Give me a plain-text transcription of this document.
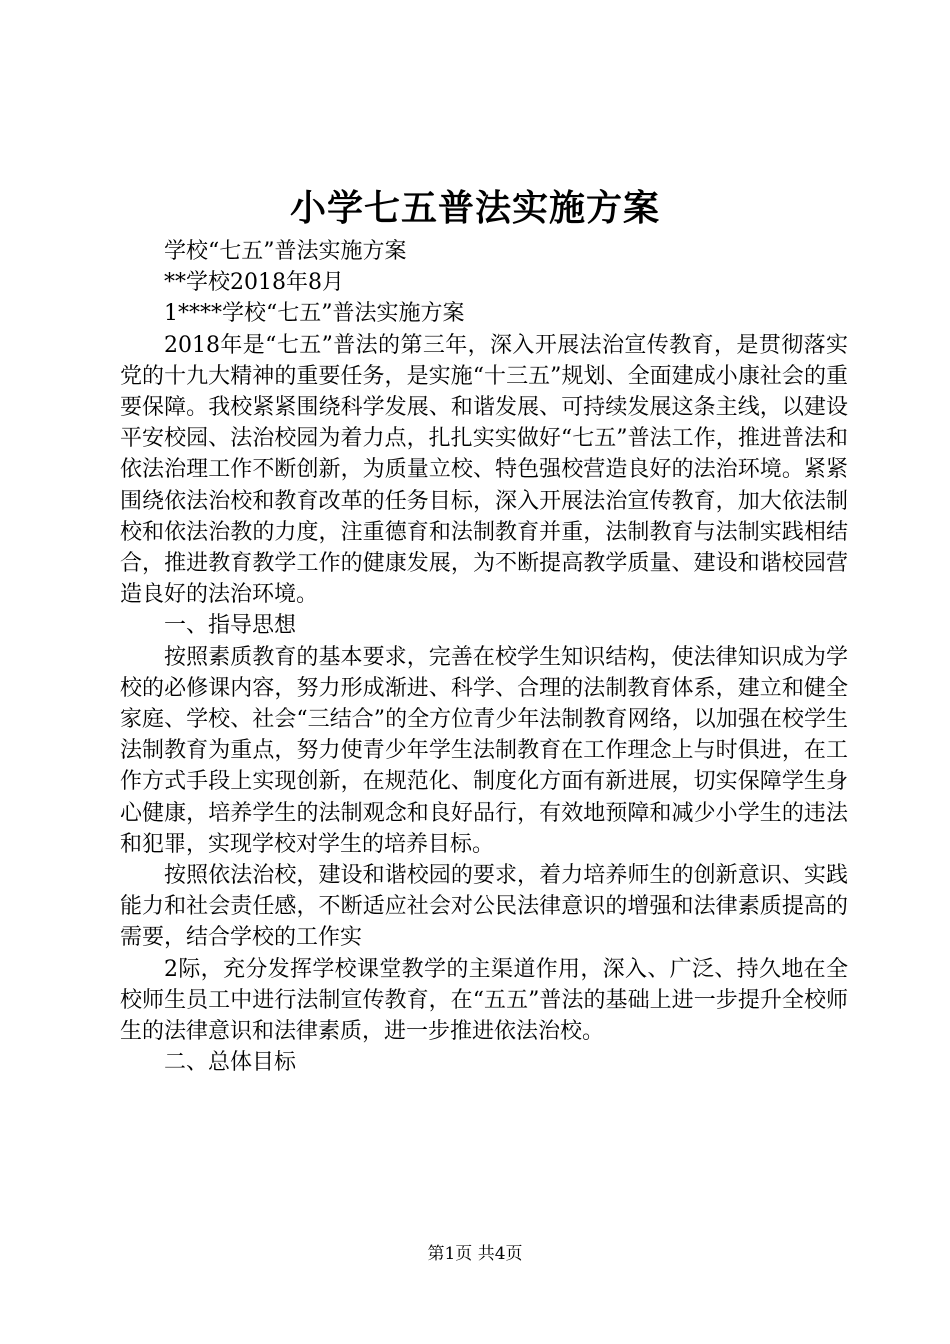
小学七五普法实施方案

学校“七五”普法实施方案

**学校2018年8月

1****学校“七五”普法实施方案

2018年是“七五”普法的第三年，深入开展法治宣传教育，是贯彻落实党的十九大精神的重要任务，是实施“十三五”规划、全面建成小康社会的重要保障。我校紧紧围绕科学发展、和谐发展、可持续发展这条主线，以建设平安校园、法治校园为着力点，扎扎实实做好“七五”普法工作，推进普法和依法治理工作不断创新，为质量立校、特色强校营造良好的法治环境。紧紧围绕依法治校和教育改革的任务目标，深入开展法治宣传教育，加大依法制校和依法治教的力度，注重德育和法制教育并重，法制教育与法制实践相结合，推进教育教学工作的健康发展，为不断提高教学质量、建设和谐校园营造良好的法治环境。

一、指导思想

按照素质教育的基本要求，完善在校学生知识结构，使法律知识成为学校的必修课内容，努力形成渐进、科学、合理的法制教育体系，建立和健全家庭、学校、社会“三结合”的全方位青少年法制教育网络，以加强在校学生法制教育为重点，努力使青少年学生法制教育在工作理念上与时俱进，在工作方式手段上实现创新，在规范化、制度化方面有新进展，切实保障学生身心健康，培养学生的法制观念和良好品行，有效地预障和减少小学生的违法和犯罪，实现学校对学生的培养目标。

按照依法治校，建设和谐校园的要求，着力培养师生的创新意识、实践能力和社会责任感，不断适应社会对公民法律意识的增强和法律素质提高的需要，结合学校的工作实

2际，充分发挥学校课堂教学的主渠道作用，深入、广泛、持久地在全校师生员工中进行法制宣传教育，在“五五”普法的基础上进一步提升全校师生的法律意识和法律素质，进一步推进依法治校。

二、总体目标

第1页 共4页
